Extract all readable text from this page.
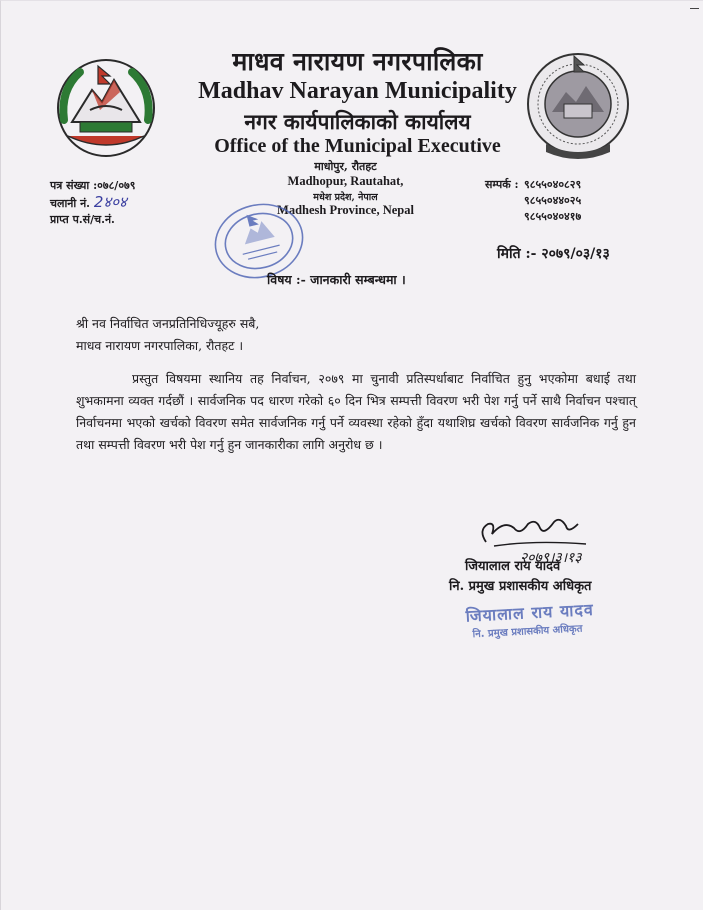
माधव नारायण नगरपालिका
Madhav Narayan Municipality
नगर कार्यपालिकाको कार्यालय
Office of the Municipal Executive
माधोपुर, रौतहट
Madhopur, Rautahat,
मधेश प्रदेश, नेपाल
Madhesh Province, Nepal
पत्र संख्या :०७८/०७९
चलानी नं. 2४०४
प्राप्त प.सं/च.नं.
सम्पर्क : ९८५५०४०८२९
९८५५०४४०२५
९८५५०४०४१७
मिति :- २०७९/०३/१३
विषय :- जानकारी सम्बन्धमा ।
श्री नव निर्वाचित जनप्रतिनिधिज्यूहरु सबै,
माधव नारायण नगरपालिका, रौतहट ।
प्रस्तुत विषयमा स्थानिय तह निर्वाचन, २०७९ मा चुनावी प्रतिस्पर्धाबाट निर्वाचित हुनु भएकोमा बधाई तथा शुभकामना व्यक्त गर्दछौं । सार्वजनिक पद धारण गरेको ६० दिन भित्र सम्पत्ती विवरण भरी पेश गर्नु पर्ने साथै निर्वाचन पश्चात् निर्वाचनमा भएको खर्चको विवरण समेत सार्वजनिक गर्नु पर्ने व्यवस्था रहेको हुँदा यथाशिघ्र खर्चको विवरण सार्वजनिक गर्नु हुन तथा सम्पत्ती विवरण भरी पेश गर्नु हुन जानकारीका लागि अनुरोध छ ।
२०७९।३।१३
जियालाल राय यादव
नि. प्रमुख प्रशासकीय अधिकृत
जियालाल राय यादव
नि. प्रमुख प्रशासकीय अधिकृत
